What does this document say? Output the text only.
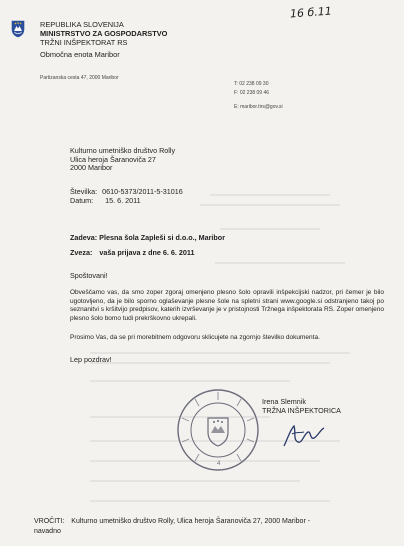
16 б.11
REPUBLIKA SLOVENIJA
MINISTRSTVO ZA GOSPODARSTVO
TRŽNI INŠPEKTORAT RS
Območna enota Maribor
Partizanska cesta 47, 2000 Maribor
T: 02 238 09 30
F: 02 238 09 46
E: maribor.tirs@gov.si
Kulturno umetniško društvo Rolly
Ulica heroja Šaranoviča 27
2000 Maribor
Številka: 0610-5373/2011-5-31016
Datum: 15. 6. 2011
Zadeva: Plesna šola Zapleši si d.o.o., Maribor
Zveza: vaša prijava z dne 6. 6. 2011
Spoštovani!
Obveščamo vas, da smo zoper zgoraj omenjeno plesno šolo opravili inšpekcijski nadzor, pri čemer je bilo ugotovljeno, da je bilo sporno oglaševanje plesne šole na spletni strani www.google.si odstranjeno takoj po seznanitvi s kršitvijo predpisov, katerih izvrševanje je v pristojnosti Tržnega inšpektorata RS. Zoper omenjeno plesno šolo bomo tudi prekrškovno ukrepali.
Prosimo Vas, da se pri morebitnem odgovoru sklicujete na zgornjo številko dokumenta.
Lep pozdrav!
4
Irena Slemnik
TRŽNA INŠPEKTORICA
VROČITI: Kulturno umetniško društvo Rolly, Ulica heroja Šaranoviča 27, 2000 Maribor -
navadno
